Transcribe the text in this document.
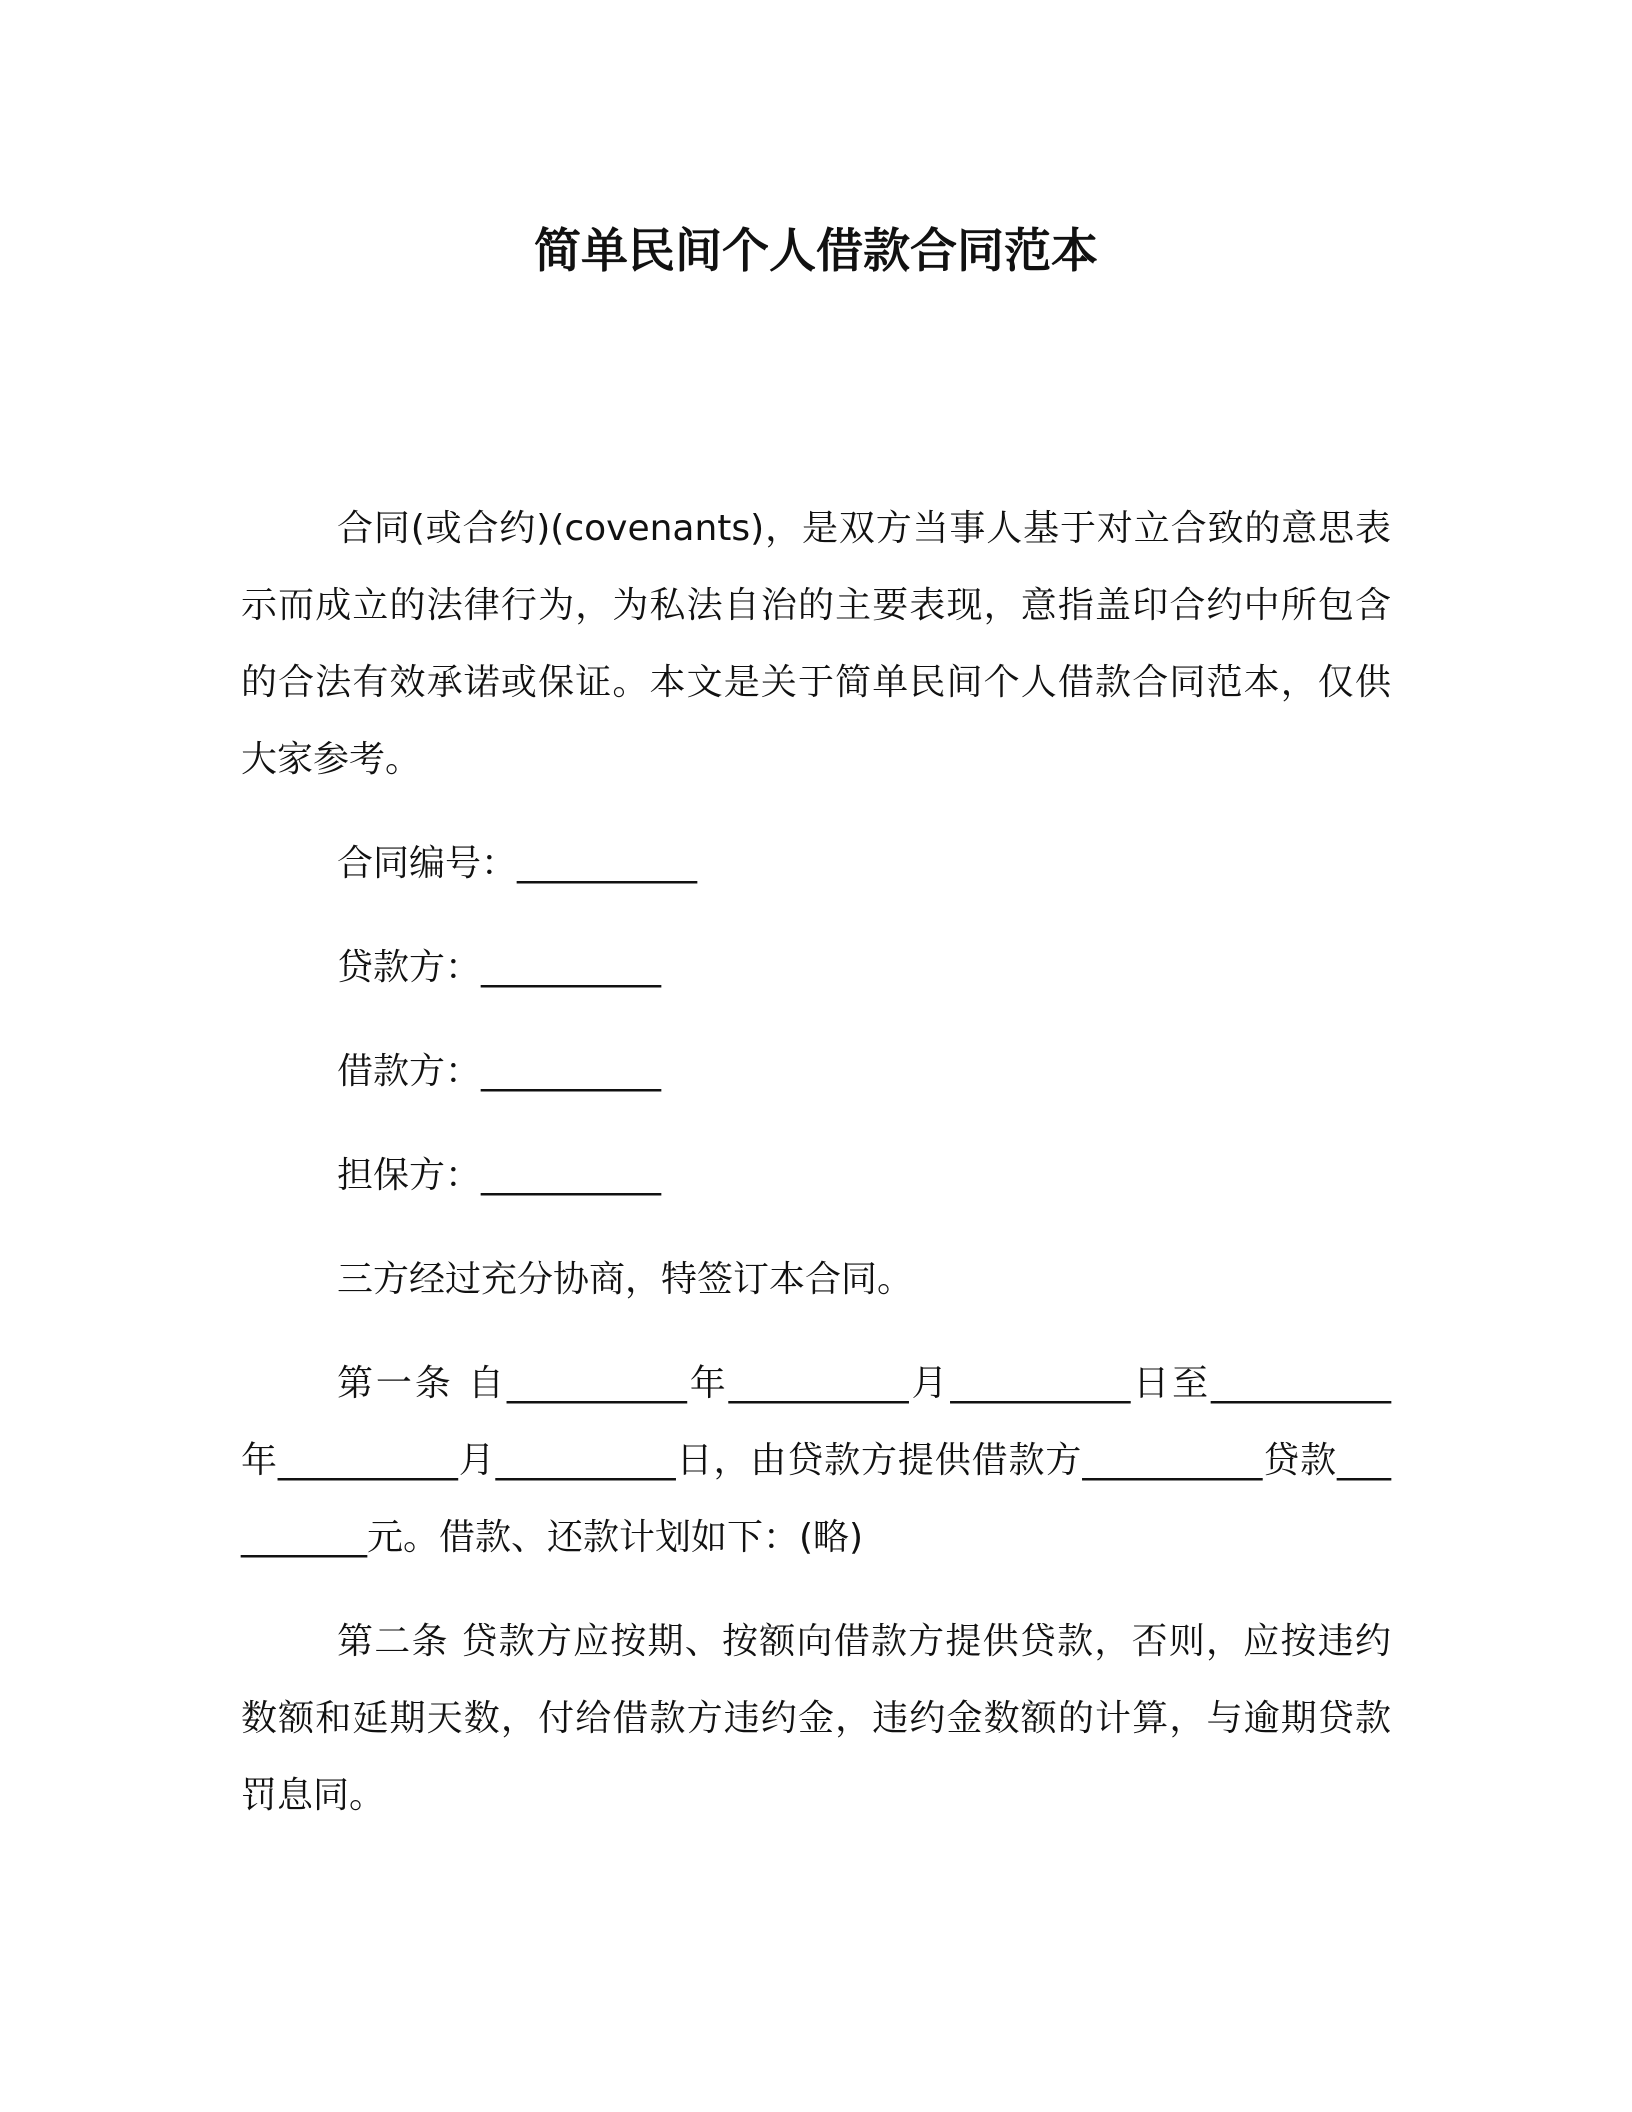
简单民间个人借款合同范本

合同(或合约)(covenants)，是双方当事人基于对立合致的意思表示而成立的法律行为，为私法自治的主要表现，意指盖印合约中所包含的合法有效承诺或保证。本文是关于简单民间个人借款合同范本，仅供大家参考。

合同编号：__________

贷款方：__________

借款方：__________

担保方：__________

三方经过充分协商，特签订本合同。

第一条 自__________年__________月__________日至__________年__________月__________日，由贷款方提供借款方__________贷款__________元。借款、还款计划如下：(略)

第二条 贷款方应按期、按额向借款方提供贷款，否则，应按违约数额和延期天数，付给借款方违约金，违约金数额的计算，与逾期贷款罚息同。
